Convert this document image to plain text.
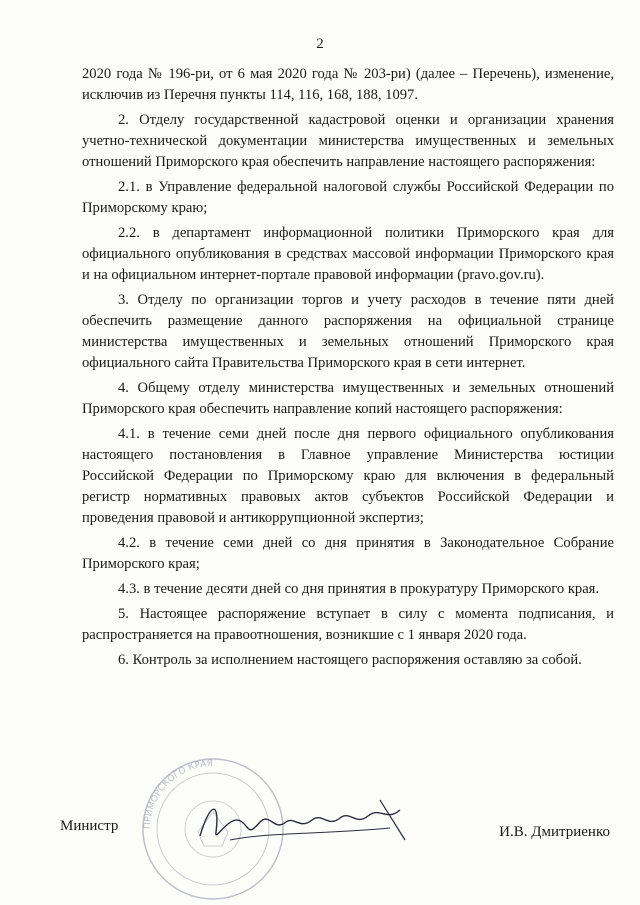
2

2020 года № 196-ри, от 6 мая 2020 года № 203-ри) (далее – Перечень), изменение, исключив из Перечня пункты 114, 116, 168, 188, 1097.

2. Отделу государственной кадастровой оценки и организации хранения учетно-технической документации министерства имущественных и земельных отношений Приморского края обеспечить направление настоящего распоряжения:

2.1. в Управление федеральной налоговой службы Российской Федерации по Приморскому краю;

2.2. в департамент информационной политики Приморского края для официального опубликования в средствах массовой информации Приморского края и на официальном интернет-портале правовой информации (pravo.gov.ru).

3. Отделу по организации торгов и учету расходов в течение пяти дней обеспечить размещение данного распоряжения на официальной странице министерства имущественных и земельных отношений Приморского края официального сайта Правительства Приморского края в сети интернет.

4. Общему отделу министерства имущественных и земельных отношений Приморского края обеспечить направление копий настоящего распоряжения:

4.1. в течение семи дней после дня первого официального опубликования настоящего постановления в Главное управление Министерства юстиции Российской Федерации по Приморскому краю для включения в федеральный регистр нормативных правовых актов субъектов Российской Федерации и проведения правовой и антикоррупционной экспертиз;

4.2. в течение семи дней со дня принятия в Законодательное Собрание Приморского края;

4.3. в течение десяти дней со дня принятия в прокуратуру Приморского края.

5. Настоящее распоряжение вступает в силу с момента подписания, и распространяется на правоотношения, возникшие с 1 января 2020 года.

6. Контроль за исполнением настоящего распоряжения оставляю за собой.

Министр	ПРИМОРСКОГО КРАЯ
И.В. Дмитриенко
